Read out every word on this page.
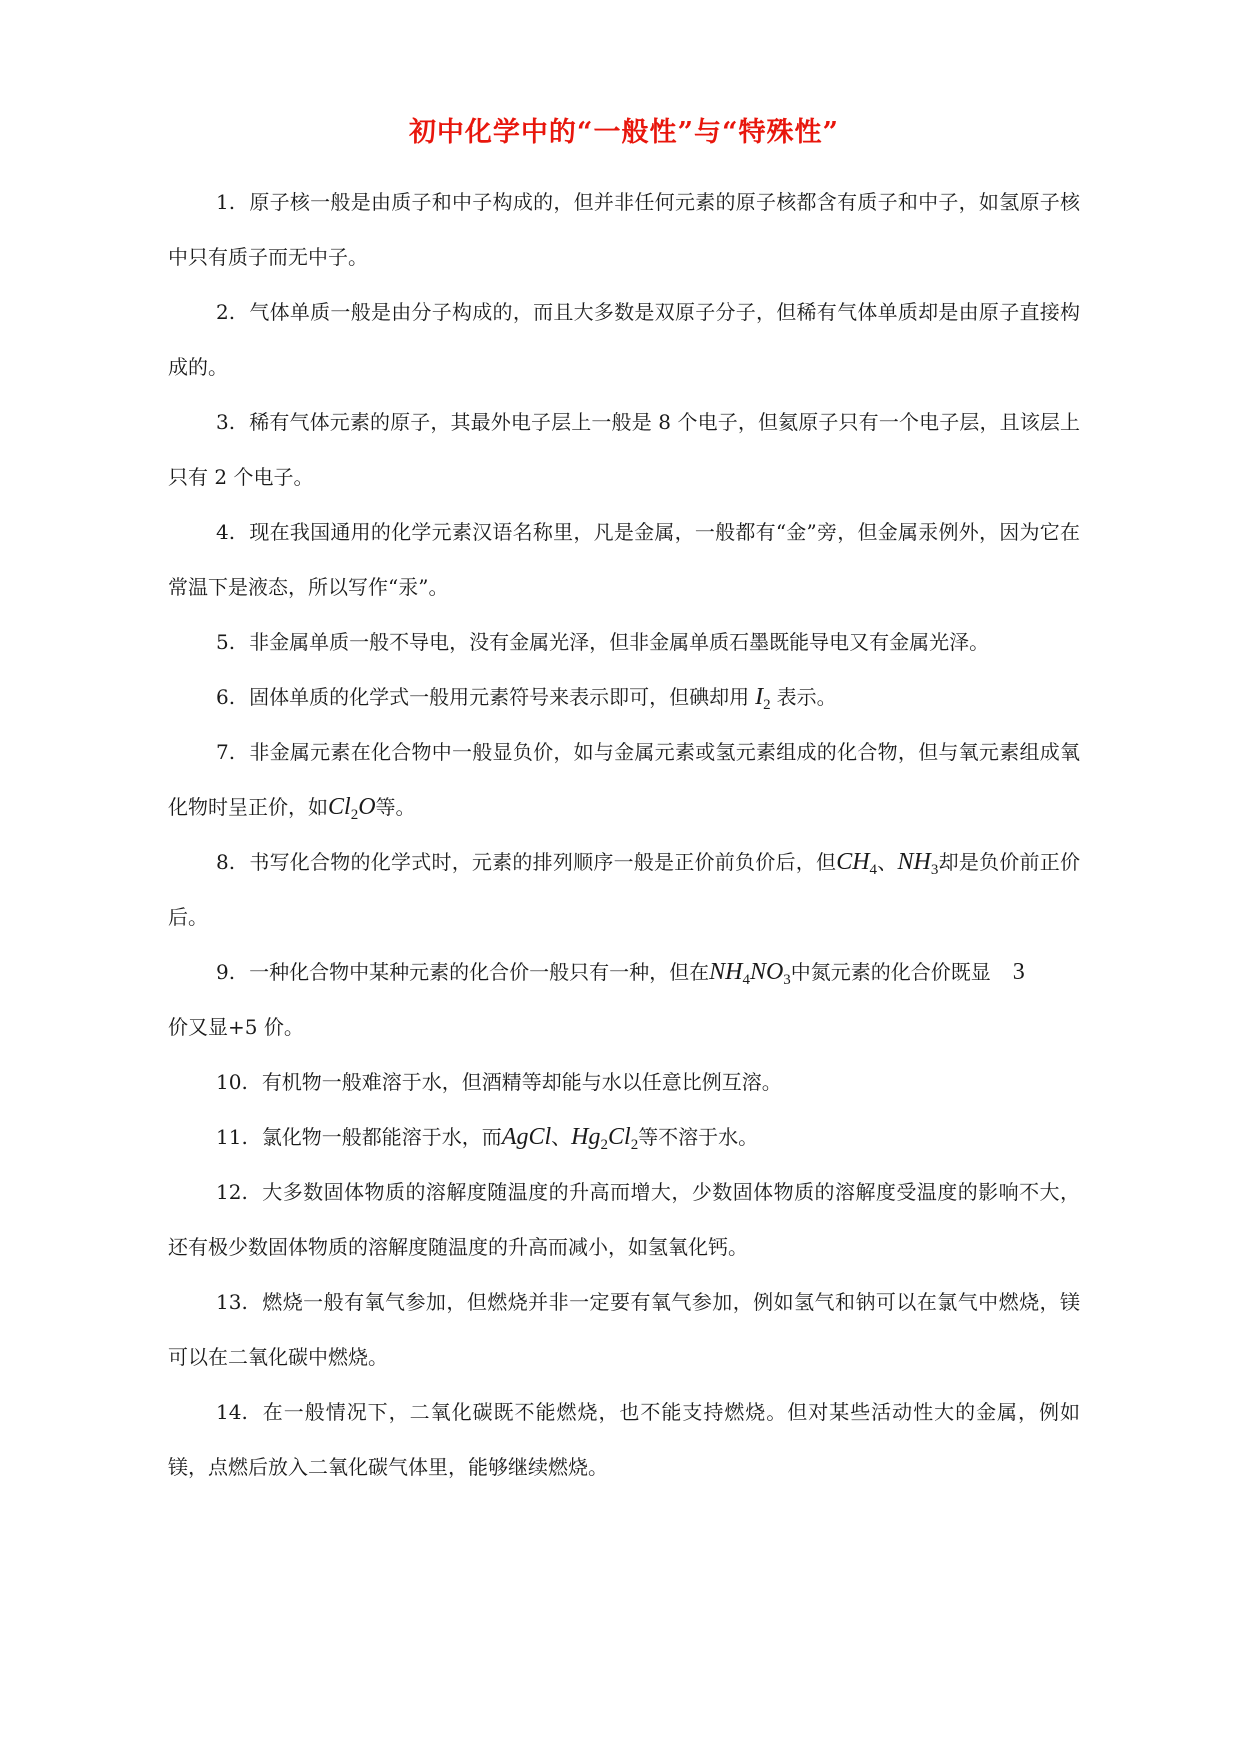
初中化学中的“一般性”与“特殊性”

1. 原子核一般是由质子和中子构成的，但并非任何元素的原子核都含有质子和中子，如氢原子核中只有质子而无中子。

2. 气体单质一般是由分子构成的，而且大多数是双原子分子，但稀有气体单质却是由原子直接构成的。

3. 稀有气体元素的原子，其最外电子层上一般是 8 个电子，但氦原子只有一个电子层，且该层上只有 2 个电子。

4. 现在我国通用的化学元素汉语名称里，凡是金属，一般都有“金”旁，但金属汞例外，因为它在常温下是液态，所以写作“汞”。

5. 非金属单质一般不导电，没有金属光泽，但非金属单质石墨既能导电又有金属光泽。

6. 固体单质的化学式一般用元素符号来表示即可，但碘却用 $I_2$ 表示。

7. 非金属元素在化合物中一般显负价，如与金属元素或氢元素组成的化合物，但与氧元素组成氧化物时呈正价，如$Cl_2O$等。

8. 书写化合物的化学式时，元素的排列顺序一般是正价前负价后，但$CH_4$、$NH_3$却是负价前正价后。

9. 一种化合物中某种元素的化合价一般只有一种，但在$NH_4NO_3$中氮元素的化合价既显 3
价又显+5 价。

10. 有机物一般难溶于水，但酒精等却能与水以任意比例互溶。

11. 氯化物一般都能溶于水，而AgCl、$Hg_2Cl_2$等不溶于水。

12. 大多数固体物质的溶解度随温度的升高而增大，少数固体物质的溶解度受温度的影响不大，还有极少数固体物质的溶解度随温度的升高而减小，如氢氧化钙。

13. 燃烧一般有氧气参加，但燃烧并非一定要有氧气参加，例如氢气和钠可以在氯气中燃烧，镁可以在二氧化碳中燃烧。

14. 在一般情况下，二氧化碳既不能燃烧，也不能支持燃烧。但对某些活动性大的金属，例如镁，点燃后放入二氧化碳气体里，能够继续燃烧。
